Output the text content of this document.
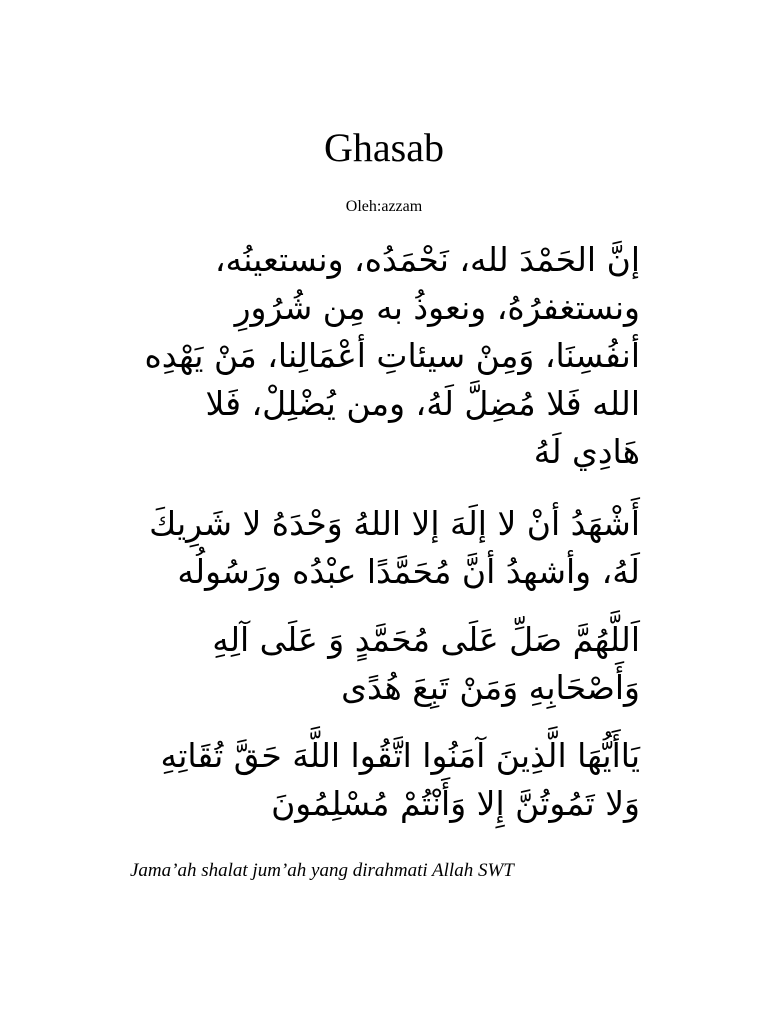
Ghasab
Oleh:azzam
إنَّ الحَمْدَ لله، نَحْمَدُه، ونستعينُه،
ونستغفرُهُ، ونعوذُ به مِن شُرُورِ
أنفُسِنَا، وَمِنْ سيئاتِ أعْمَالِنا، مَنْ يَهْدِه
الله فَلا مُضِلَّ لَهُ، ومن يُضْلِلْ، فَلا
هَادِي لَهُ
أَشْهَدُ أنْ لا إلَهَ إلا اللهُ وَحْدَهُ لا شَرِيكَ
لَهُ، وأشهدُ أنَّ مُحَمَّدًا عبْدُه ورَسُولُه
اَللَّهُمَّ صَلِّ عَلَى مُحَمَّدٍ وَ عَلَى آلِهِ
وَأَصْحَابِهِ وَمَنْ تَبِعَ هُدًى
يَاأَيُّهَا الَّذِينَ آمَنُوا اتَّقُوا اللَّهَ حَقَّ تُقَاتِهِ
وَلا تَمُوتُنَّ إِلا وَأَنْتُمْ مُسْلِمُونَ
Jama’ah shalat jum’ah yang dirahmati Allah SWT
